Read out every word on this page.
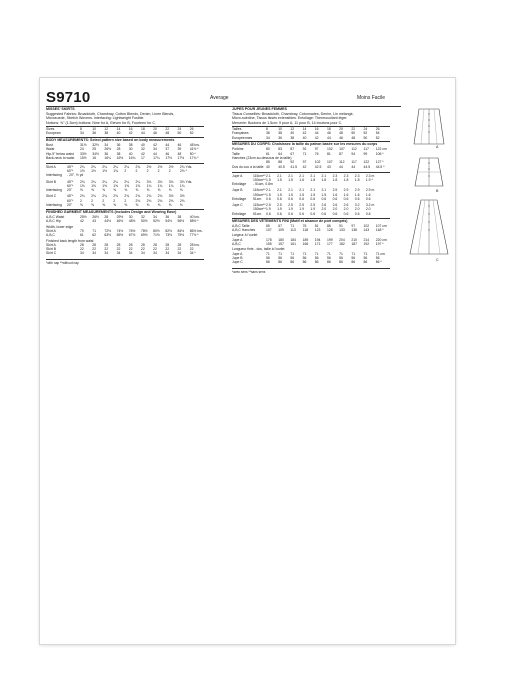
S9710	Average	Moins Facile
MISSES' SKIRTS
Suggested Fabrics: Broadcloth, Chambray, Cotton Blends, Denim, Linen Blends,
Microsuede, Stretch Wovens. Interfacing: Lightweight Fusible.
Notions: ⅝" (1.5cm) buttons: Nine for A, Eleven for B, Fourteen for C.
Sizes	8	10 12 14 16 18 20 22 24 26
European	34 36 38 40 42 44 46 48 50 52
BODY MEASUREMENTS: Select pattern size based on body measurements
Bust	31½ 32½ 34 36 38 40 42 44 46 48 Ins.
Waist	24 25 26½ 28 30 32 34 37 39 41½ *
Hip-9" below waist 33½ 34½ 36 38 40 42 44 46 48 50 *
Back-neck to waist 15½ 16 16¼ 16½ 16¾ 17 17¼ 17½ 17½ 17¾ *
Skirt A	45"* 2¼ 2¼ 2¼ 2¼ 2¼ 2¾ 2½ 2½ 2½ 2¾ Yds.
60"* 1½ 1½ 1½ 1¾ 2	2	2	2	2	2⅛ *
Interfacing - 20", ½ yd
Skirt B	45"* 2⅛ 2¼ 2¼ 2¼ 2¼ 2¼ 3⅛ 3⅛ 3⅛ 3⅛ Yds.
60"* 1⅝ 1⅝ 1⅝ 1⅝ 1⅝ 1⅝ 1¾ 1¾ 1¾ 1¾
Interfacing 20" ⅝ ⅝ ⅝ ⅝ ⅝ ⅝ ⅝ ⅝ ⅝ ⅝
Skirt C	45"* 2¾ 2¾ 2¾ 2¾ 2¾ 2¾ 2¾ 2¾ 3½ 3½
60"* 2	2	2	2	2	2⅛ 2⅛ 2⅛ 2⅛ 2⅛
Interfacing 20" ⅝ ⅝ ⅝ ⅝ ⅝ ⅝ ⅝ ⅝ ⅝ ⅝
FINISHED GARMENT MEASUREMENTS (Includes Design and Wearing Ease)
A,B,C Waist	25½ 26½ 28 29½ 30 32 34 36 38 40 Ins.
A,B,C Hip	42 43 44½ 46½ 48½ 50½ 52½ 54½ 56½ 58½ *
Width, lower edge
Skirt A	70 71 72½ 74½ 76½ 78½ 80½ 82½ 84½ 86½ Ins.
A,B,C	61 62 63½ 65½ 67½ 69½ 71½ 73½ 75½ 77½ *
Finished back length from waist
Skirt A	28 28 28 28 28 28 28 28 28 28 Ins.
Skirt B	22 22 22 22 22 22 22 22 22 22
Skirt C	34 34 34 34 34 34 34 34 34 34 *
*with nap **without nap
JUPES POUR JEUNES FEMMES
Tissus Conseillés: Broadcloth, Chambray, Cotonnades, Denim, Lin mélangé,
Micro-suèdine, Tissus tissés extensibles. Entoilage: Thermocollant léger.
Mercerie: Boutons de 1.5cm: 9 pour A, 11 pour B, 14 boutons pour C.
Tailles	8	10 12 14 16 18 20 22 24 26
Françaises	36 38 40 42 44 46 48 50 52 54
Européennes	34 36 38 40 42 44 46 48 50 52
MESURES DU CORPS: Choisissez la taille du patron basée sur les mesures du corps
Poitrine	80 83 87 92 97 102 107 112 117 122 cm
Taille	61 64 67 71 76 81 87 94 99 106 *
Hanches (23cm au-dessous de la taille)
85 88 92 97 102 107 112 117 122 127 *
Dos du cou à la taille 40 40.5 41.5 42 42.5 43 44 44 44.5 44.5 *
Jupe A	115cm**2.1 2.1 2.1 2.1 2.1 2.1 2.3 2.3 2.3 2.3 m
150cm**1.5 1.5 1.5 1.6 1.8 1.8 1.8 1.8 1.8 1.9 *
Entoilage - 51cm, 0.8m
Jupe B	115cm**2.1 2.1 2.1 2.1 2.1 2.1 2.9 2.9 2.9 2.9 m
150cm**1.5 1.5 1.5 1.5 1.5 1.5 1.6 1.6 1.6 1.6
Entoilage 51cm 0.6 0.6 0.6 0.6 0.6 0.6 0.6 0.6 0.6 0.6
Jupe C	115cm**2.5 2.5 2.5 2.5 2.5 2.6 2.6 2.6 3.2 3.2 m
150cm**1.9 1.9 1.9 1.9 1.9 2.0 2.0 2.0 2.0 2.0
Entoilage 51cm 0.6 0.6 0.6 0.6 0.6 0.6 0.6 0.6 0.6 0.6
MESURES DES VÊTEMENTS FINI (Motif et aisance de port compris)
A,B,C Taille	65 67 71 76 81 86 91 97 102 107 cm
A,B,C Hanches	107 109 113 118 123 128 133 138 143 148 *
Largeur à l'ourlet
Jupe A	178 180 184 189 194 199 204 210 214 220 cm
A,B,C	155 157 161 166 171 177 182 187 192 197 *
Longueur finie - dos, taille à l'ourlet
Jupe A	71 71 71 71 71 71 71 71 71 71 cm
Jupe B	56 56 56 56 56 56 56 56 56 56
Jupe C	86 86 86 86 86 86 86 86 86 86 *
*avec sens **sans sens
A
B
C
